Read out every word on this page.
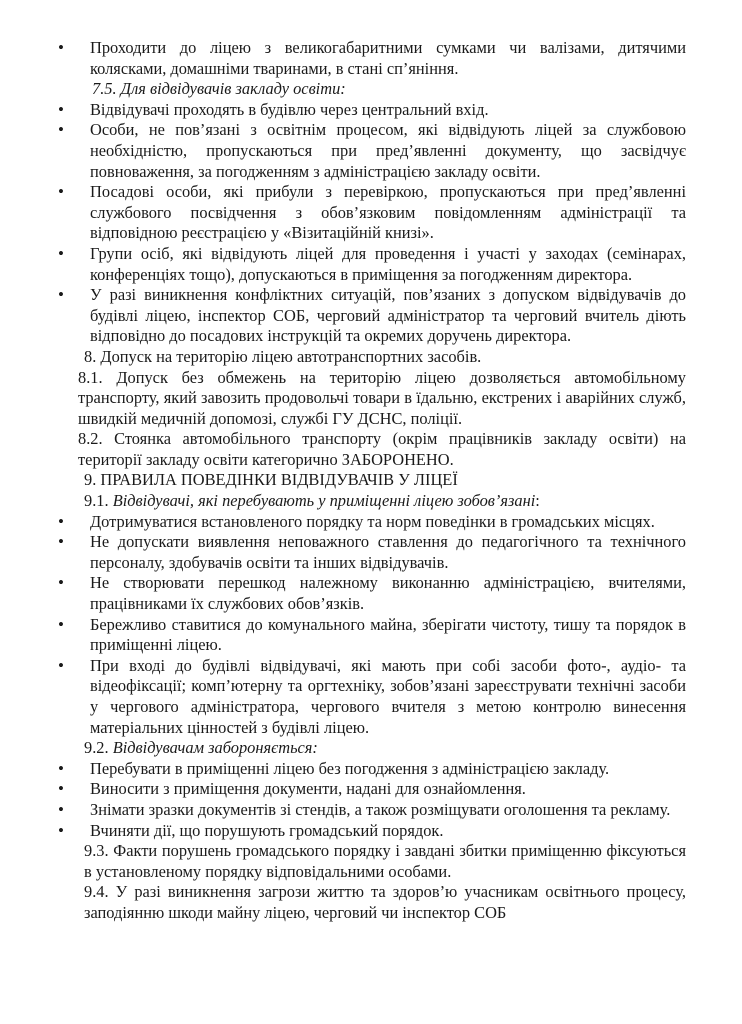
• Проходити до ліцею з великогабаритними сумками чи валізами, дитячими колясками, домашніми тваринами, в стані сп’яніння.
7.5. Для відвідувачів закладу освіти:
• Відвідувачі проходять в будівлю через центральний вхід.
• Особи, не пов’язані з освітнім процесом, які відвідують ліцей за службовою необхідністю, пропускаються при пред’явленні документу, що засвідчує повноваження, за погодженням з адміністрацією закладу освіти.
• Посадові особи, які прибули з перевіркою, пропускаються при пред’явленні службового посвідчення з обов’язковим повідомленням адміністрації та відповідною реєстрацією у «Візитаційній книзі».
• Групи осіб, які відвідують ліцей для проведення і участі у заходах (семінарах, конференціях тощо), допускаються в приміщення за погодженням директора.
• У разі виникнення конфліктних ситуацій, пов’язаних з допуском відвідувачів до будівлі ліцею, інспектор СОБ, черговий адміністратор та черговий вчитель діють відповідно до посадових інструкцій та окремих доручень директора.
8. Допуск на територію ліцею автотранспортних засобів.
8.1. Допуск без обмежень на територію ліцею дозволяється автомобільному транспорту, який завозить продовольчі товари в їдальню, екстрених і аварійних служб, швидкій медичній допомозі, службі ГУ ДСНС, поліції.
8.2. Стоянка автомобільного транспорту (окрім працівників закладу освіти) на території закладу освіти категорично ЗАБОРОНЕНО.
9. ПРАВИЛА ПОВЕДІНКИ ВІДВІДУВАЧІВ У ЛІЦЕЇ
9.1. Відвідувачі, які перебувають у приміщенні ліцею зобов’язані:
• Дотримуватися встановленого порядку та норм поведінки в громадських місцях.
• Не допускати виявлення неповажного ставлення до педагогічного та технічного персоналу, здобувачів освіти та інших відвідувачів.
• Не створювати перешкод належному виконанню адміністрацією, вчителями, працівниками їх службових обов’язків.
• Бережливо ставитися до комунального майна, зберігати чистоту, тишу та порядок в приміщенні ліцею.
• При вході до будівлі відвідувачі, які мають при собі засоби фото-, аудіо- та відеофіксації; комп’ютерну та оргтехніку, зобов’язані зареєструвати технічні засоби у чергового адміністратора, чергового вчителя з метою контролю винесення матеріальних цінностей з будівлі ліцею.
9.2. Відвідувачам забороняється:
• Перебувати в приміщенні ліцею без погодження з адміністрацією закладу.
• Виносити з приміщення документи, надані для ознайомлення.
• Знімати зразки документів зі стендів, а також розміщувати оголошення та рекламу.
• Вчиняти дії, що порушують громадський порядок.
9.3. Факти порушень громадського порядку і завдані збитки приміщенню фіксуються в установленому порядку відповідальними особами.
9.4. У разі виникнення загрози життю та здоров’ю учасникам освітнього процесу, заподіянню шкоди майну ліцею, черговий чи інспектор СОБ
